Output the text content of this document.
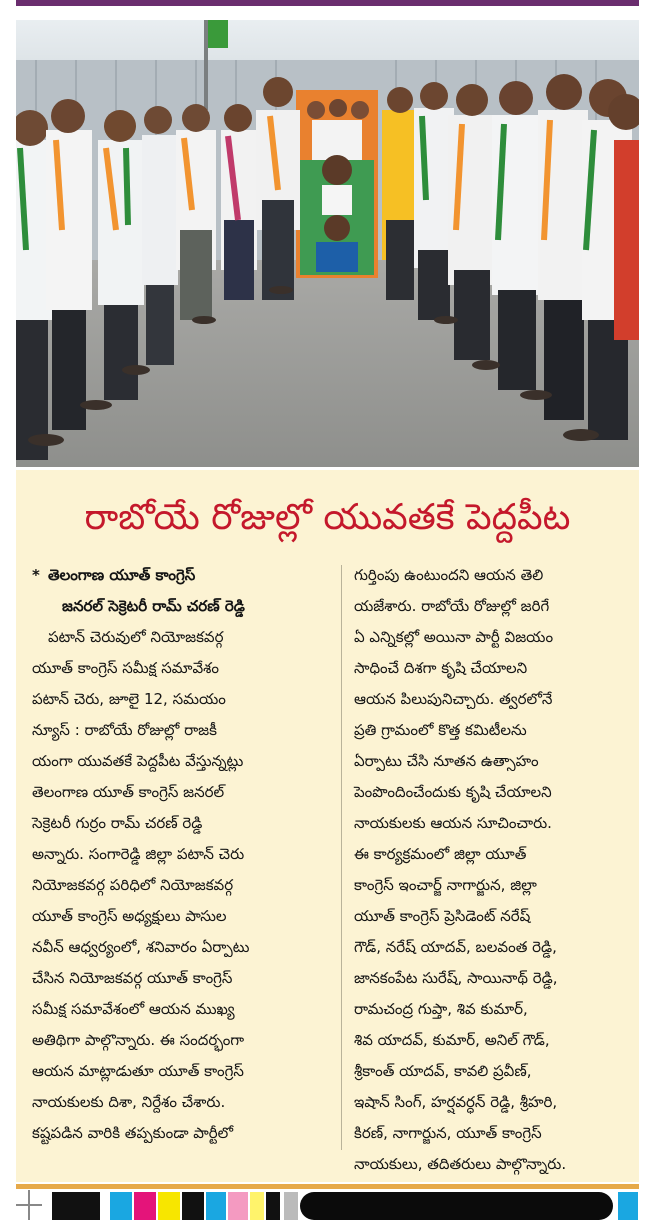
రాబోయే రోజుల్లో యువతకే పెద్దపీట

* తెలంగాణ యూత్ కాంగ్రెస్

జనరల్ సెక్రెటరీ రామ్ చరణ్ రెడ్డి

పటాన్ చెరువులో నియోజకవర్గ

యూత్ కాంగ్రెస్ సమీక్ష సమావేశం

పటాన్ చెరు, జూలై 12, సమయం

న్యూస్ : రాబోయే రోజుల్లో రాజకీ

యంగా యువతకే పెద్దపీట వేస్తున్నట్లు

తెలంగాణ యూత్ కాంగ్రెస్ జనరల్

సెక్రెటరీ గుర్రం రామ్ చరణ్ రెడ్డి

అన్నారు. సంగారెడ్డి జిల్లా పటాన్ చెరు

నియోజకవర్గ పరిధిలో నియోజకవర్గ

యూత్ కాంగ్రెస్ అధ్యక్షులు పాసుల

నవీన్ ఆధ్వర్యంలో, శనివారం ఏర్పాటు

చేసిన నియోజకవర్గ యూత్ కాంగ్రెస్

సమీక్ష సమావేశంలో ఆయన ముఖ్య

అతిథిగా పాల్గొన్నారు. ఈ సందర్భంగా

ఆయన మాట్లాడుతూ యూత్ కాంగ్రెస్

నాయకులకు దిశా, నిర్దేశం చేశారు.

కష్టపడిన వారికి తప్పకుండా పార్టీలో

గుర్తింపు ఉంటుందని ఆయన తెలి

యజేశారు. రాబోయే రోజుల్లో జరిగే

ఏ ఎన్నికల్లో అయినా పార్టీ విజయం

సాధించే దిశగా కృషి చేయాలని

ఆయన పిలుపునిచ్చారు. త్వరలోనే

ప్రతి గ్రామంలో కొత్త కమిటీలను

ఏర్పాటు చేసి నూతన ఉత్సాహం

పెంపొందించేందుకు కృషి చేయాలని

నాయకులకు ఆయన సూచించారు.

ఈ కార్యక్రమంలో జిల్లా యూత్

కాంగ్రెస్ ఇంచార్జ్ నాగార్జున, జిల్లా

యూత్ కాంగ్రెస్ ప్రెసిడెంట్ నరేష్

గౌడ్, నరేష్ యాదవ్, బలవంత రెడ్డి,

జానకంపేట సురేష్, సాయినాథ్ రెడ్డి,

రామచంద్ర గుప్తా, శివ కుమార్,

శివ యాదవ్, కుమార్, అనిల్ గౌడ్,

శ్రీకాంత్ యాదవ్, కావలి ప్రవీణ్,

ఇషాన్ సింగ్, హర్షవర్ధన్ రెడ్డి, శ్రీహరి,

కిరణ్, నాగార్జున, యూత్ కాంగ్రెస్

నాయకులు, తదితరులు పాల్గొన్నారు.
